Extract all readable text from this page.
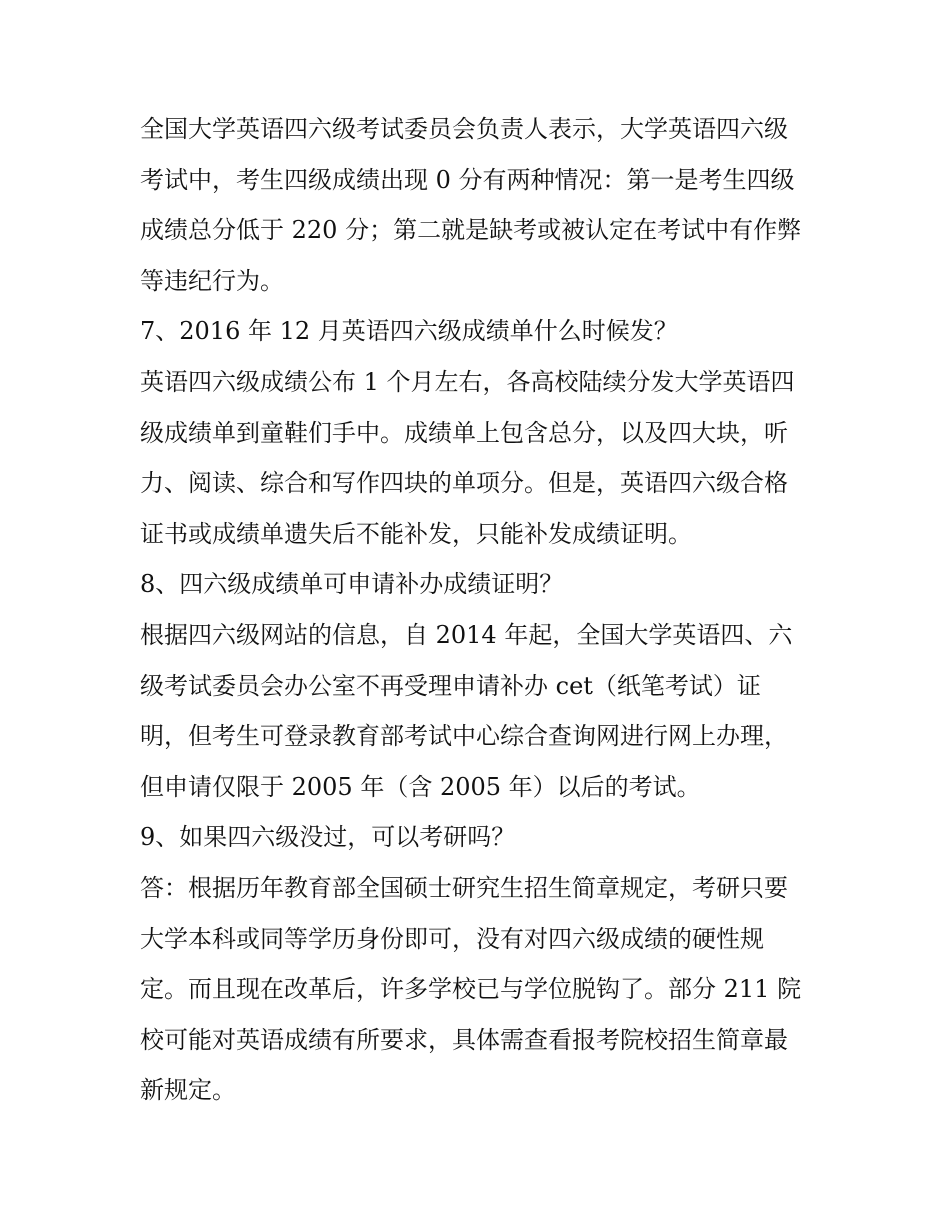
全国大学英语四六级考试委员会负责人表示，大学英语四六级
考试中，考生四级成绩出现 0 分有两种情况：第一是考生四级
成绩总分低于 220 分；第二就是缺考或被认定在考试中有作弊
等违纪行为。
7、2016 年 12 月英语四六级成绩单什么时候发？
英语四六级成绩公布 1 个月左右，各高校陆续分发大学英语四
级成绩单到童鞋们手中。成绩单上包含总分，以及四大块，听
力、阅读、综合和写作四块的单项分。但是，英语四六级合格
证书或成绩单遗失后不能补发，只能补发成绩证明。
8、四六级成绩单可申请补办成绩证明？
根据四六级网站的信息，自 2014 年起，全国大学英语四、六
级考试委员会办公室不再受理申请补办 cet（纸笔考试）证
明，但考生可登录教育部考试中心综合查询网进行网上办理，
但申请仅限于 2005 年（含 2005 年）以后的考试。
9、如果四六级没过，可以考研吗？
答：根据历年教育部全国硕士研究生招生简章规定，考研只要
大学本科或同等学历身份即可，没有对四六级成绩的硬性规
定。而且现在改革后，许多学校已与学位脱钩了。部分 211 院
校可能对英语成绩有所要求，具体需查看报考院校招生简章最
新规定。
